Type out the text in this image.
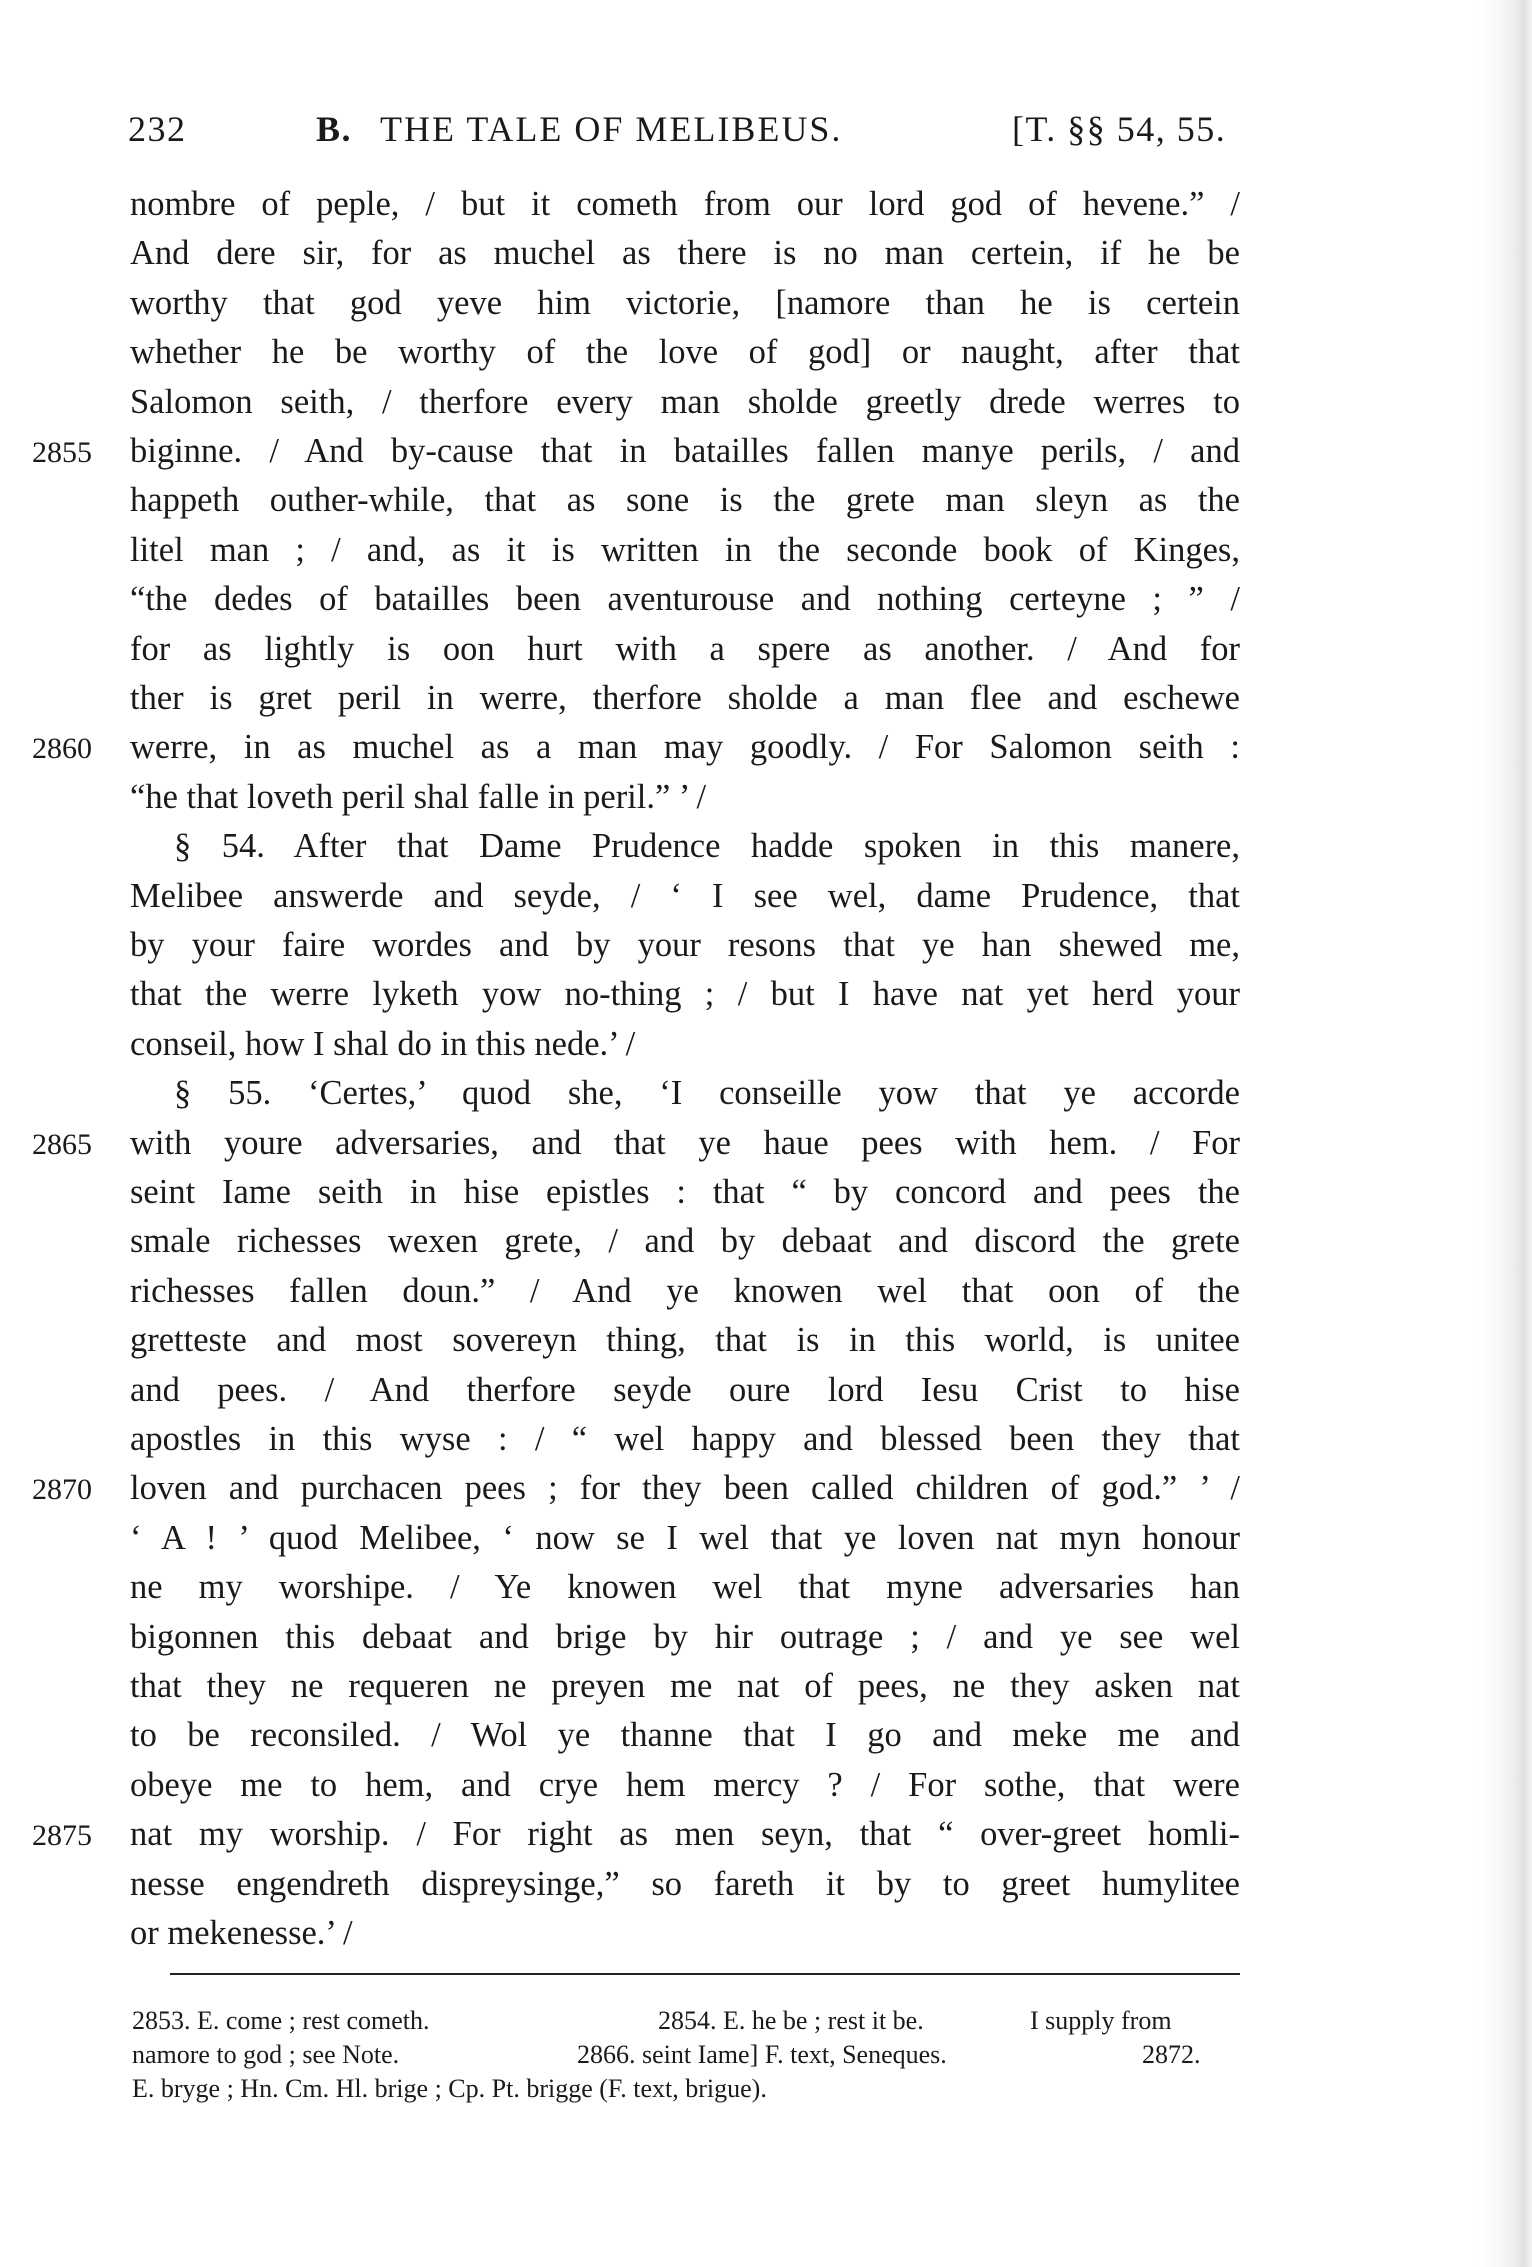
232	B. THE TALE OF MELIBEUS.	[T. §§ 54, 55.
nombre of peple, / but it cometh from our lord god of hevene.” /
And dere sir, for as muchel as there is no man certein, if he be
worthy that god yeve him victorie, [namore than he is certein
whether he be worthy of the love of god] or naught, after that
Salomon seith, / therfore every man sholde greetly drede werres to
biginne. / And by-cause that in batailles fallen manye perils, / and
2855
happeth outher-while, that as sone is the grete man sleyn as the
litel man ; / and, as it is written in the seconde book of Kinges,
“the dedes of batailles been aventurouse and nothing certeyne ; ” /
for as lightly is oon hurt with a spere as another. / And for
ther is gret peril in werre, therfore sholde a man flee and eschewe
werre, in as muchel as a man may goodly. / For Salomon seith :
2860
“he that loveth peril shal falle in peril.” ’ /
§ 54. After that Dame Prudence hadde spoken in this manere,
Melibee answerde and seyde, / ‘ I see wel, dame Prudence, that
by your faire wordes and by your resons that ye han shewed me,
that the werre lyketh yow no-thing ; / but I have nat yet herd your
conseil, how I shal do in this nede.’ /
§ 55. ‘Certes,’ quod she, ‘I conseille yow that ye accorde
with youre adversaries, and that ye haue pees with hem. / For
2865
seint Iame seith in hise epistles : that “ by concord and pees the
smale richesses wexen grete, / and by debaat and discord the grete
richesses fallen doun.” / And ye knowen wel that oon of the
gretteste and most sovereyn thing, that is in this world, is unitee
and pees. / And therfore seyde oure lord Iesu Crist to hise
apostles in this wyse : / “ wel happy and blessed been they that
loven and purchacen pees ; for they been called children of god.” ’ /
2870
‘ A ! ’ quod Melibee, ‘ now se I wel that ye loven nat myn honour
ne my worshipe. / Ye knowen wel that myne adversaries han
bigonnen this debaat and brige by hir outrage ; / and ye see wel
that they ne requeren ne preyen me nat of pees, ne they asken nat
to be reconsiled. / Wol ye thanne that I go and meke me and
obeye me to hem, and crye hem mercy ? / For sothe, that were
nat my worship. / For right as men seyn, that “ over-greet homli-
2875
nesse engendreth dispreysinge,” so fareth it by to greet humylitee
or mekenesse.’ /
2853. E. come ; rest cometh.	2854. E. he be ; rest it be.	I supply from
namore to god ; see Note.	2866. seint Iame] F. text, Seneques.	2872.
E. bryge ; Hn. Cm. Hl. brige ; Cp. Pt. brigge (F. text, brigue).
